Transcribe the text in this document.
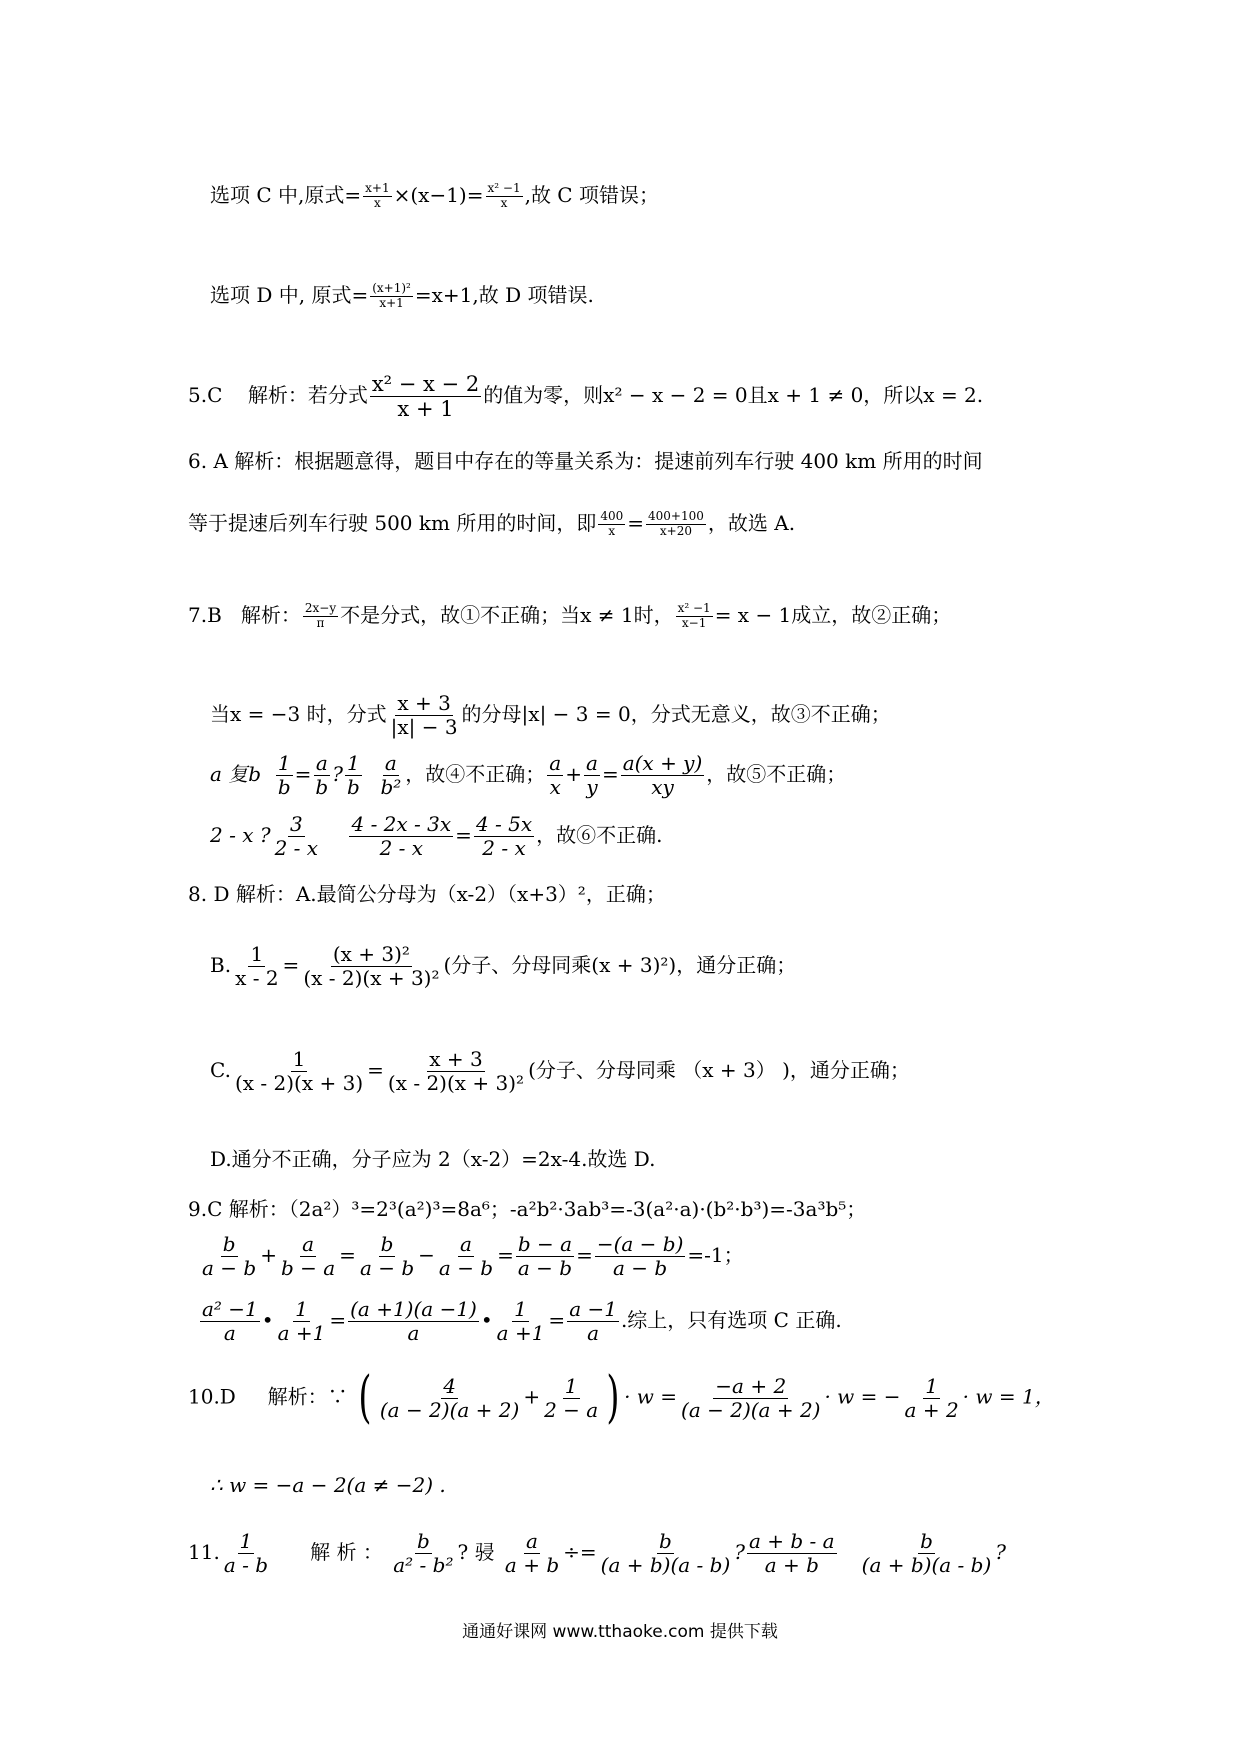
选项 C 中,原式= $\frac{x+1}{x} \times(x-1)= \frac{\text{x² −1}}{x}$ ,故 C 项错误；
选项 D 中, 原式= $\frac{\text{(x+1)²}}{x+1} =x+1$,故 D 项错误.
5.C 解析：若分式 $\frac{\text{x² − x − 2}}{x + 1}$ 的值为零，则x² − x − 2 = 0且x + 1 ≠ 0，所以x = 2.
6. A 解析：根据题意得，题目中存在的等量关系为：提速前列车行驶 400 km 所用的时间
等于提速后列车行驶 500 km 所用的时间，即 $\frac{400}{x} = \frac{400+100}{x+20}$ ，故选 A.
7.B 解析： $\frac{2x-y}{\pi}$ 不是分式，故①不正确；当x ≠ 1时， $\frac{\text{x² −1}}{x-1} = x - 1$成立，故②正确；
当x = −3 时，分式 $\frac{x + 3}{|x| - 3}$ 的分母|x| − 3 = 0，分式无意义，故③不正确；
a 复b $\frac{1}{b} = \frac{a}{b}$ ? $\frac{1}{b}$
$\frac{a}{\text{b²}}$ ，故④不正确； $\frac{a}{x} + \frac{a}{y} = \frac{a(x + y)}{xy}$ ，故⑤不正确；
2 - x ? $\frac{3}{2 - x}$
$\frac{4 - 2x - 3x}{2 - x} = \frac{4 - 5x}{2 - x}$ ，故⑥不正确.
8. D 解析：A.最简公分母为（x-2）（x+3）²，正确；
B. $\frac{1}{x - 2} = \frac{\text{(x + 3)²}}{\text{(x - 2)(x + 3)²}}$ (分子、分母同乘(x + 3)²)，通分正确；
C. $\frac{1}{(x - 2)(x + 3)} = \frac{x + 3}{\text{(x - 2)(x + 3)²}}$ (分子、分母同乘 （x + 3） )，通分正确；
D.通分不正确，分子应为 2（x-2）=2x-4.故选 D.
9.C 解析：（2a²）³=2³(a²)³=8a⁶；-a²b²·3ab³=-3(a²·a)·(b²·b³)=-3a³b⁵；
$\frac{b}{a - b} + \frac{a}{b - a} = \frac{b}{a - b} - \frac{a}{a - b} = \frac{b - a}{a - b} = \frac{-(a - b)}{a - b} =-1$；
$\frac{\text{a² −1}}{a}$ • $\frac{1}{a +1} = \frac{(a +1)(a -1)}{a}$ • $\frac{1}{a +1} = \frac{a -1}{a}$ .综上，只有选项 C 正确.
10.D 解析：∵ ( $\frac{4}{(a - 2)(a + 2)} + \frac{1}{2 - a}$ ) · $w = \frac{-a + 2}{(a - 2)(a + 2)} \cdot w$ = − $\frac{1}{a + 2} \cdot w = 1$，
∴ w = −a − 2(a ≠ −2) .
11. $\frac{1}{a - b}$ 解 析 ： $\frac{b}{\text{a² - b²}}$ ? 骎 $\frac{a}{a + b} \div= \frac{b}{(a + b)(a - b)}$ ? $\frac{a + b - a}{a + b}$
$\frac{b}{(a + b)(a - b)}$ ?
通通好课网 www.tthaoke.com 提供下载
